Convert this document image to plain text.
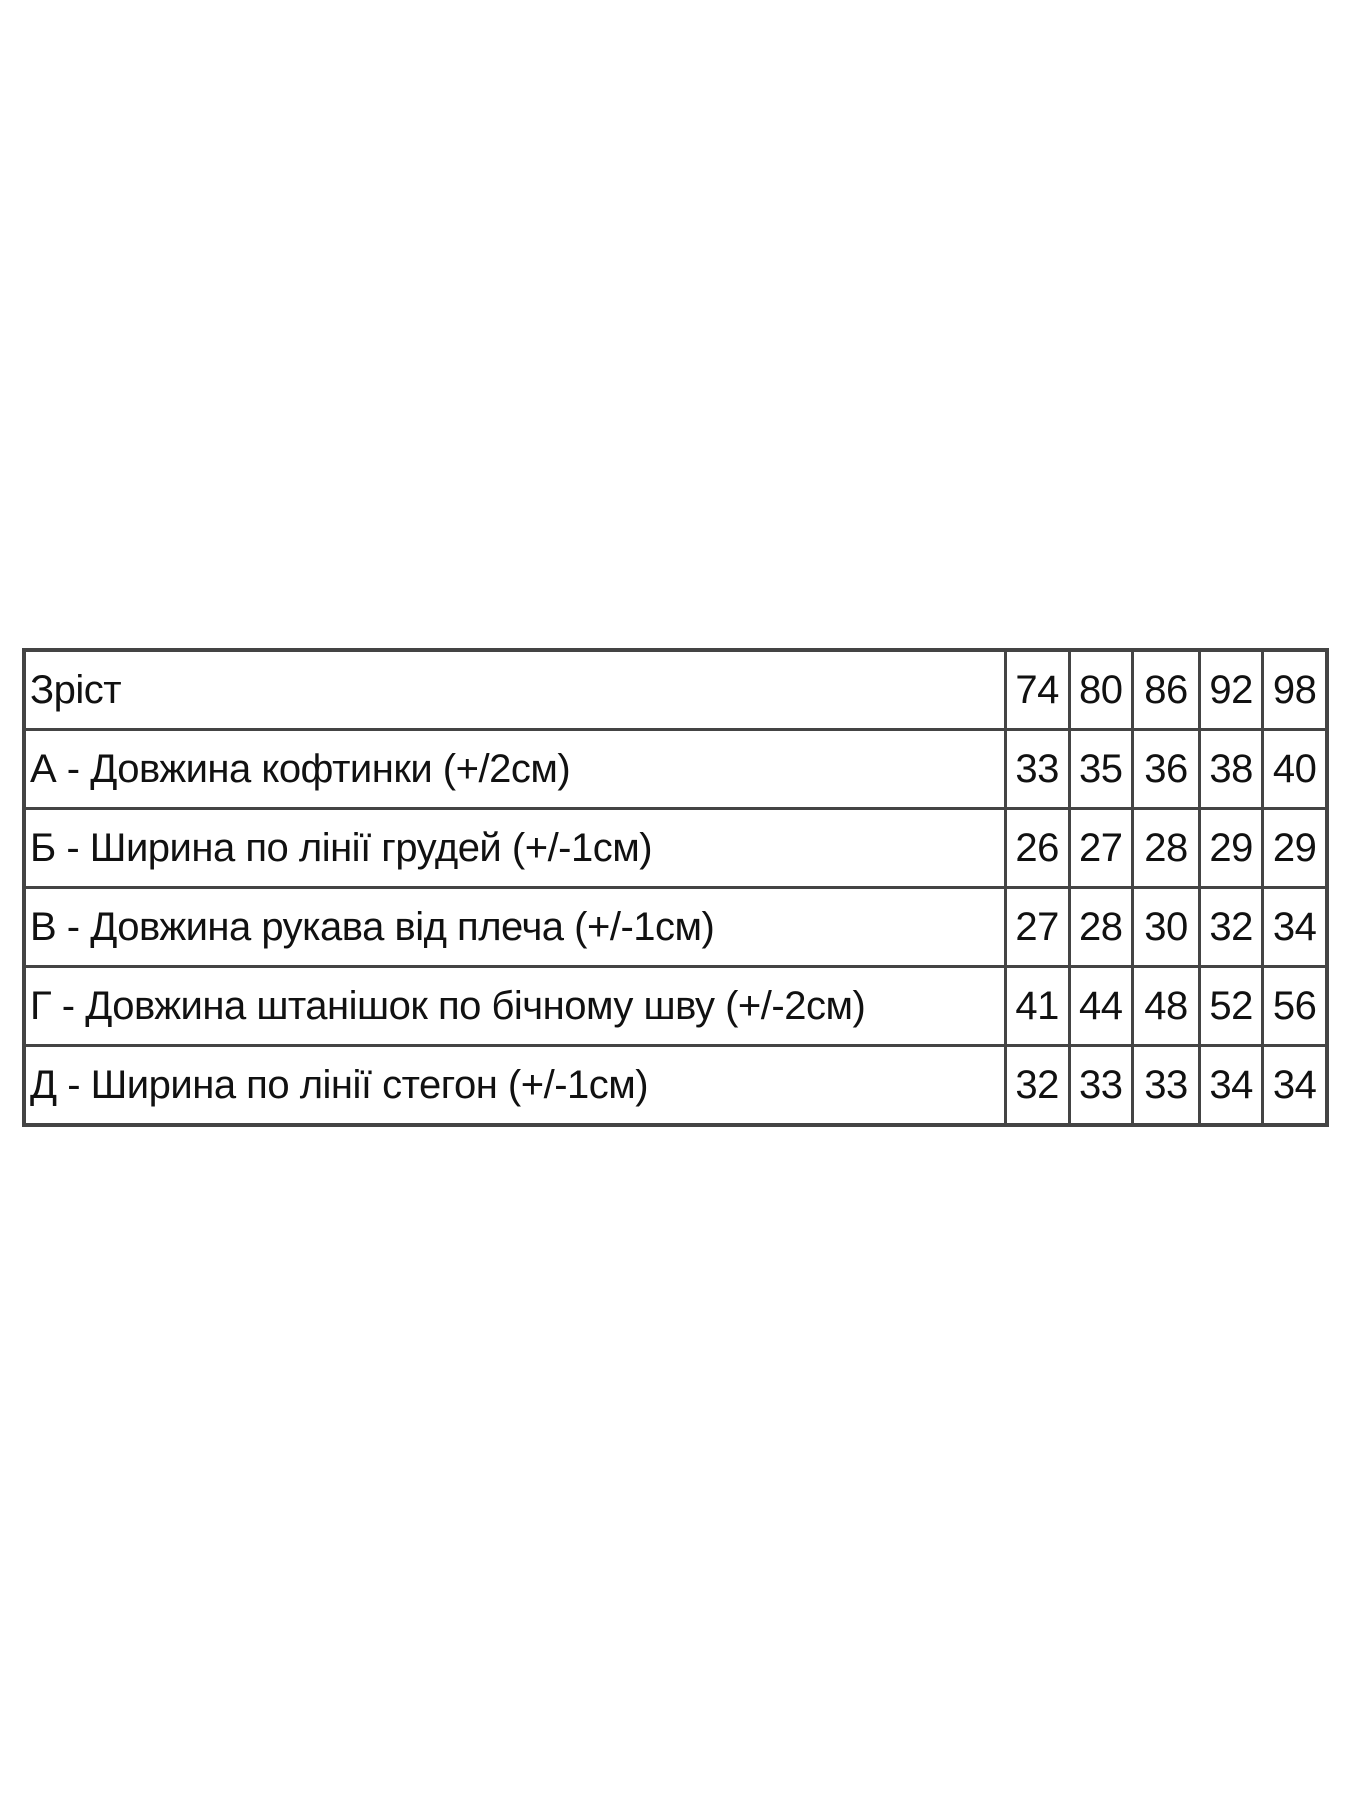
Зріст	74	80	86	92	98
А - Довжина кофтинки (+/2см)	33	35	36	38	40
Б - Ширина по лінії грудей (+/-1см)	26	27	28	29	29
В - Довжина рукава від плеча (+/-1см)	27	28	30	32	34
Г - Довжина штанішок по бічному шву (+/-2см)	41	44	48	52	56
Д - Ширина по лінії стегон (+/-1см)	32	33	33	34	34
